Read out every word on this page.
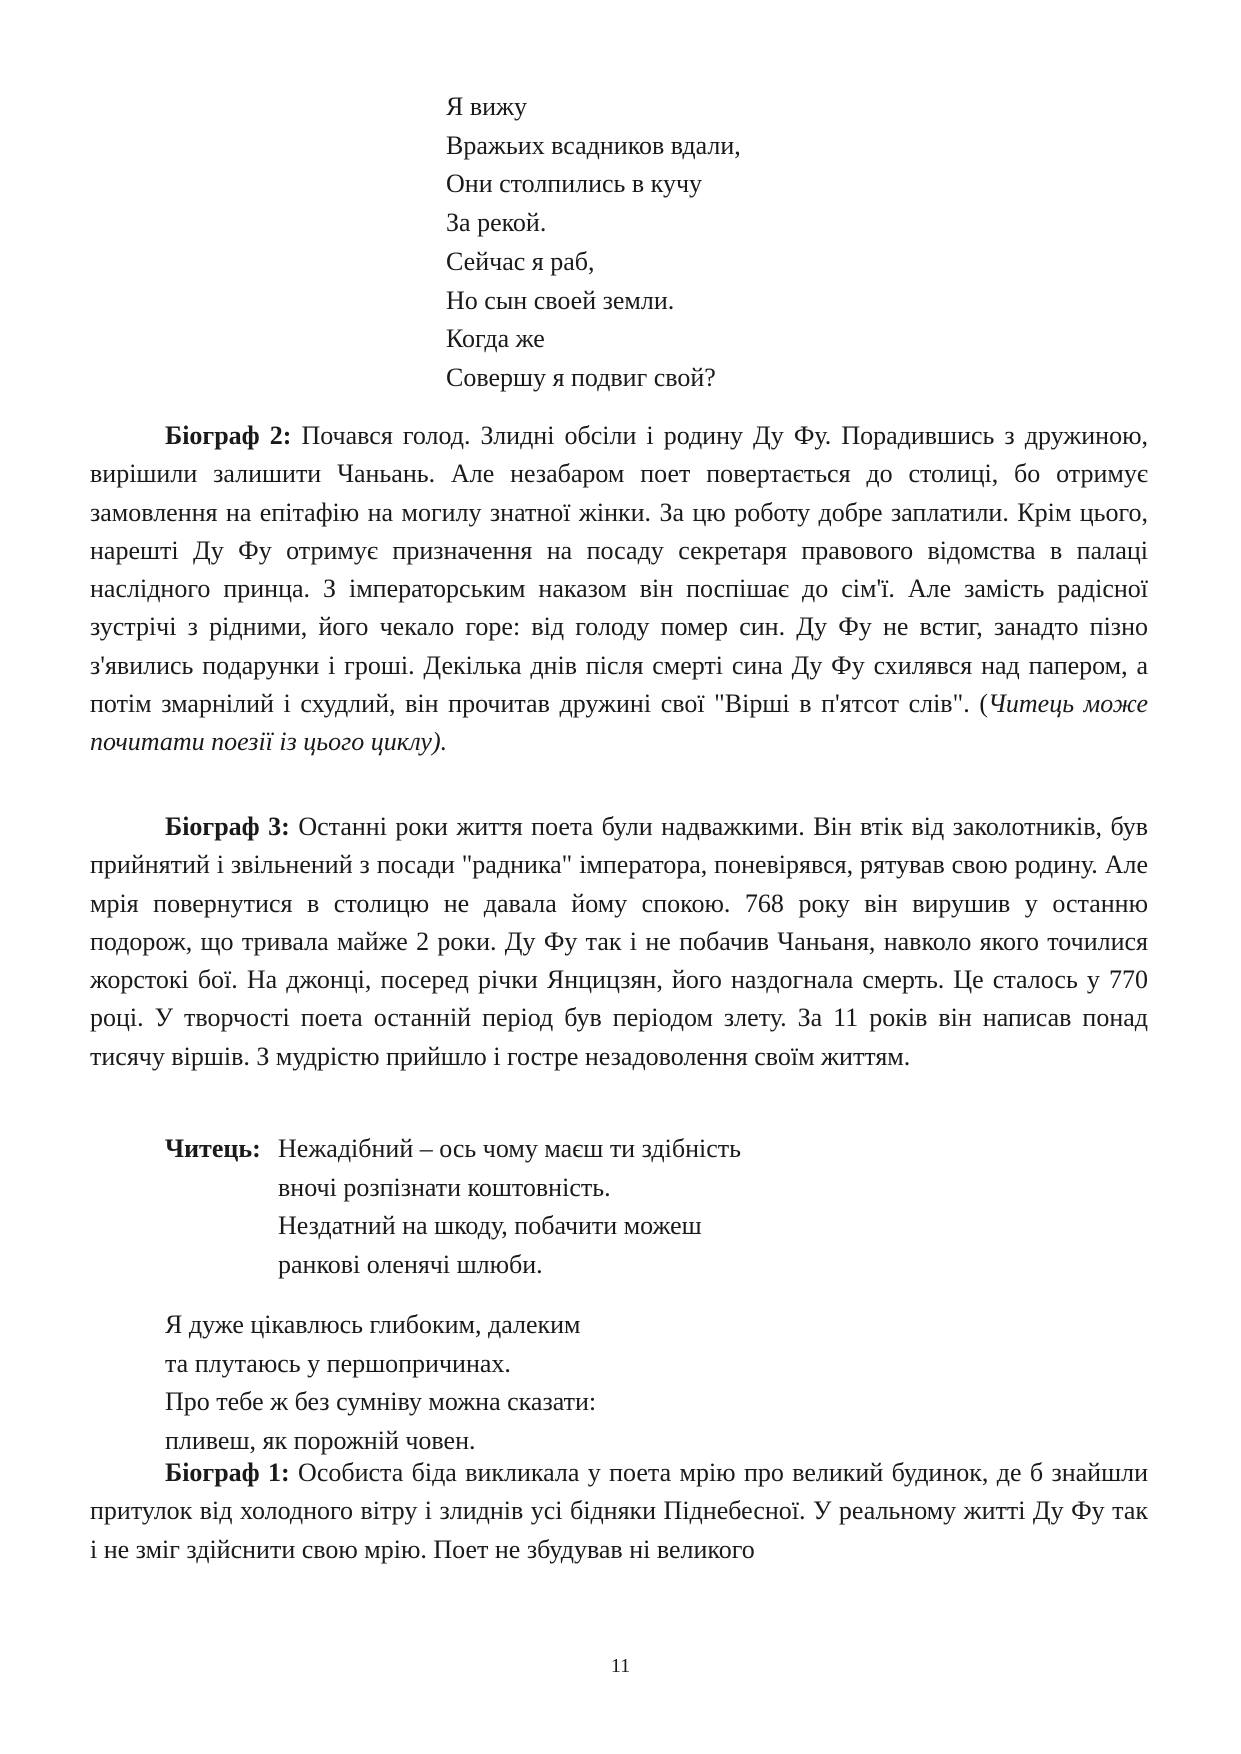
Я вижу
Вражьих всадников вдали,
Они столпились в кучу
За рекой.
Сейчас я раб,
Но сын своей земли.
Когда же
Совершу я подвиг свой?

Біограф 2: Почався голод. Злидні обсіли і родину Ду Фу. Порадившись з дружиною, вирішили залишити Чаньань. Але незабаром поет повертається до столиці, бо отримує замовлення на епітафію на могилу знатної жінки. За цю роботу добре заплатили. Крім цього, нарешті Ду Фу отримує призначення на посаду секретаря правового відомства в палаці наслідного принца. З імператорським наказом він поспішає до сім'ї. Але замість радісної зустрічі з рідними, його чекало горе: від голоду помер син. Ду Фу не встиг, занадто пізно з'явились подарунки і гроші. Декілька днів після смерті сина Ду Фу схилявся над папером, а потім змарнілий і схудлий, він прочитав дружині свої "Вірші в п'ятсот слів". (Читець може почитати поезії із цього циклу).

Біограф 3: Останні роки життя поета були надважкими. Він втік від заколотників, був прийнятий і звільнений з посади "радника" імператора, поневірявся, рятував свою родину. Але мрія повернутися в столицю не давала йому спокою. 768 року він вирушив у останню подорож, що тривала майже 2 роки. Ду Фу так і не побачив Чаньаня, навколо якого точилися жорстокі бої. На джонці, посеред річки Янцицзян, його наздогнала смерть. Це сталось у 770 році. У творчості поета останній період був періодом злету. За 11 років він написав понад тисячу віршів. З мудрістю прийшло і гостре незадоволення своїм життям.

Читець: Нежадібний – ось чому маєш ти здібність
вночі розпізнати коштовність.
Нездатний на шкоду, побачити можеш
ранкові оленячі шлюби.
Я дуже цікавлюсь глибоким, далеким
та плутаюсь у першопричинах.
Про тебе ж без сумніву можна сказати:
пливеш, як порожній човен.

Біограф 1: Особиста біда викликала у поета мрію про великий будинок, де б знайшли притулок від холодного вітру і злиднів усі бідняки Піднебесної. У реальному житті Ду Фу так і не зміг здійснити свою мрію. Поет не збудував ні великого

11
